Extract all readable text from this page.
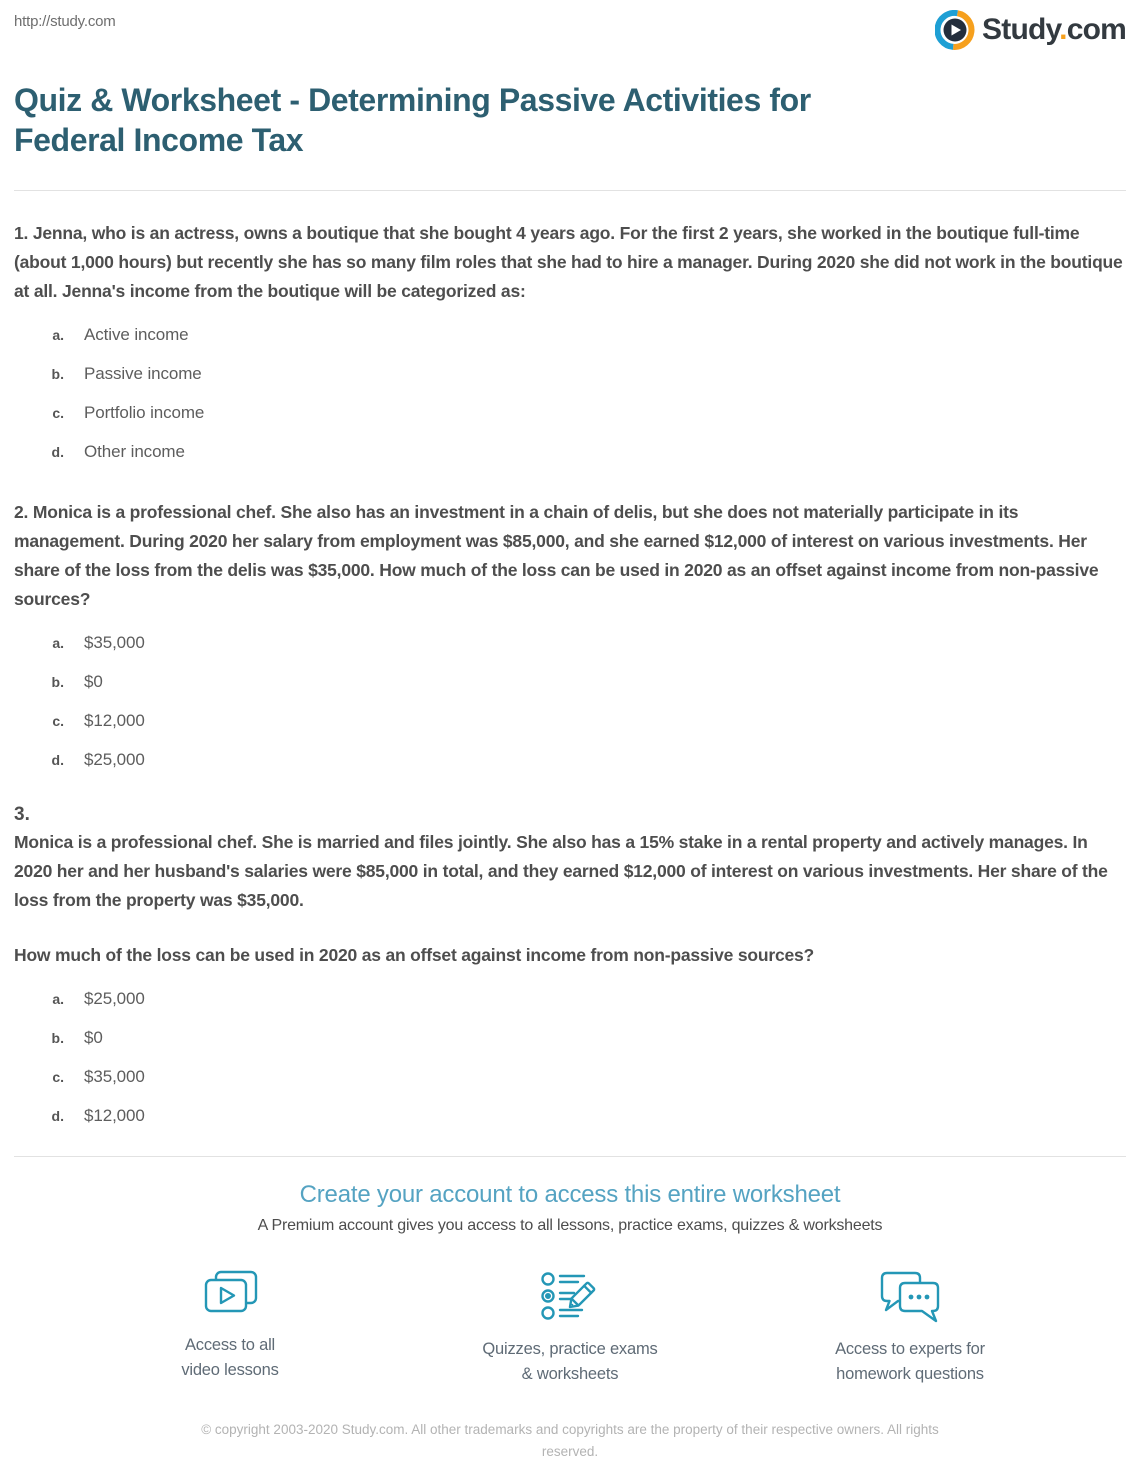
http://study.com	Study.com
Quiz & Worksheet - Determining Passive Activities for
Federal Income Tax

1. Jenna, who is an actress, owns a boutique that she bought 4 years ago. For the first 2 years, she worked in the boutique full-time (about 1,000 hours) but recently she has so many film roles that she had to hire a manager. During 2020 she did not work in the boutique at all. Jenna's income from the boutique will be categorized as:

a. Active income
b. Passive income
c. Portfolio income
d. Other income

2. Monica is a professional chef. She also has an investment in a chain of delis, but she does not materially participate in its management. During 2020 her salary from employment was $85,000, and she earned $12,000 of interest on various investments. Her share of the loss from the delis was $35,000. How much of the loss can be used in 2020 as an offset against income from non-passive sources?

a. $35,000
b. $0
c. $12,000
d. $25,000

3.

Monica is a professional chef. She is married and files jointly. She also has a 15% stake in a rental property and actively manages. In 2020 her and her husband's salaries were $85,000 in total, and they earned $12,000 of interest on various investments. Her share of the loss from the property was $35,000.

How much of the loss can be used in 2020 as an offset against income from non-passive sources?

a. $25,000
b. $0
c. $35,000
d. $12,000
Create your account to access this entire worksheet
A Premium account gives you access to all lessons, practice exams, quizzes & worksheets
Access to all
video lessons
Quizzes, practice exams
& worksheets
Access to experts for
homework questions
© copyright 2003-2020 Study.com. All other trademarks and copyrights are the property of their respective owners. All rights reserved.
